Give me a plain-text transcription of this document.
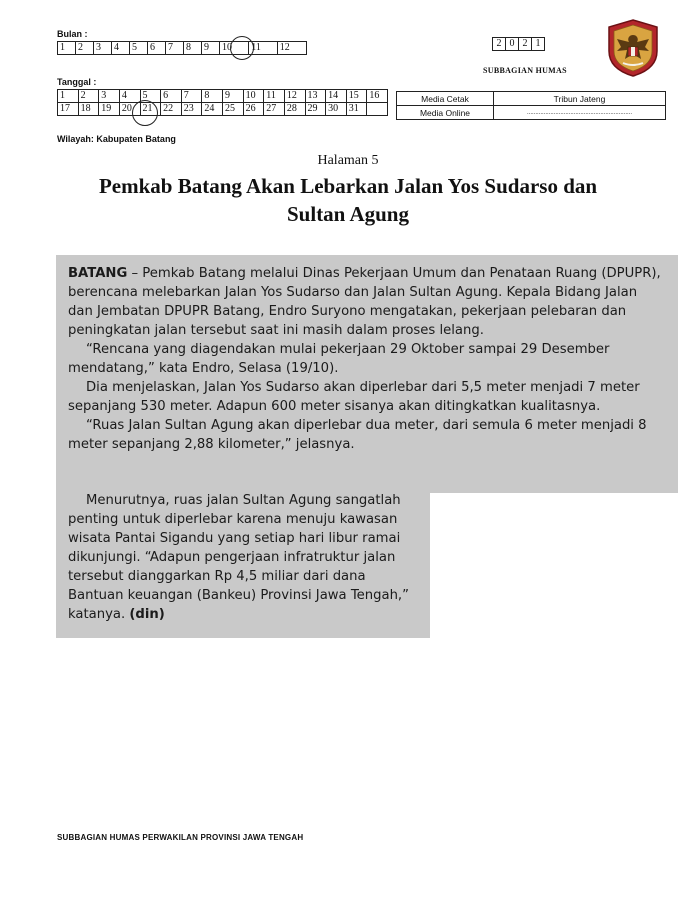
Bulan :
1	2	3	4	5	6	7	8	9	10	11	12
Tanggal :
1	2	3	4	5	6	7	8	9	10	11	12	13	14	15	16
17	18	19	20	21	22	23	24	25	26	27	28	29	30	31	
Wilayah: Kabupaten Batang
2	0	2	1
SUBBAGIAN HUMAS
Media Cetak	Tribun Jateng
Media Online	...............................................................
Halaman 5
Pemkab Batang Akan Lebarkan Jalan Yos Sudarso dan
Sultan Agung

BATANG – Pemkab Batang melalui Dinas Pekerjaan Umum dan Penataan Ruang (DPUPR), berencana melebarkan Jalan Yos Sudarso dan Jalan Sultan Agung. Kepala Bidang Jalan dan Jembatan DPUPR Batang, Endro Suryono mengatakan, pekerjaan pelebaran dan peningkatan jalan tersebut saat ini masih dalam proses lelang.

“Rencana yang diagendakan mulai pekerjaan 29 Oktober sampai 29 Desember mendatang,” kata Endro, Selasa (19/10).

Dia menjelaskan, Jalan Yos Sudarso akan diperlebar dari 5,5 meter menjadi 7 meter sepanjang 530 meter. Adapun 600 meter sisanya akan ditingkatkan kualitasnya.

“Ruas Jalan Sultan Agung akan diperlebar dua meter, dari semula 6 meter menjadi 8 meter sepanjang 2,88 kilometer,” jelasnya.

Menurutnya, ruas jalan Sultan Agung sangatlah penting untuk diperlebar karena menuju kawasan wisata Pantai Sigandu yang setiap hari libur ramai dikunjungi. “Adapun pengerjaan infratruktur jalan tersebut dianggarkan Rp 4,5 miliar dari dana Bantuan keuangan (Bankeu) Provinsi Jawa Tengah,” katanya. (din)

SUBBAGIAN HUMAS PERWAKILAN PROVINSI JAWA TENGAH
